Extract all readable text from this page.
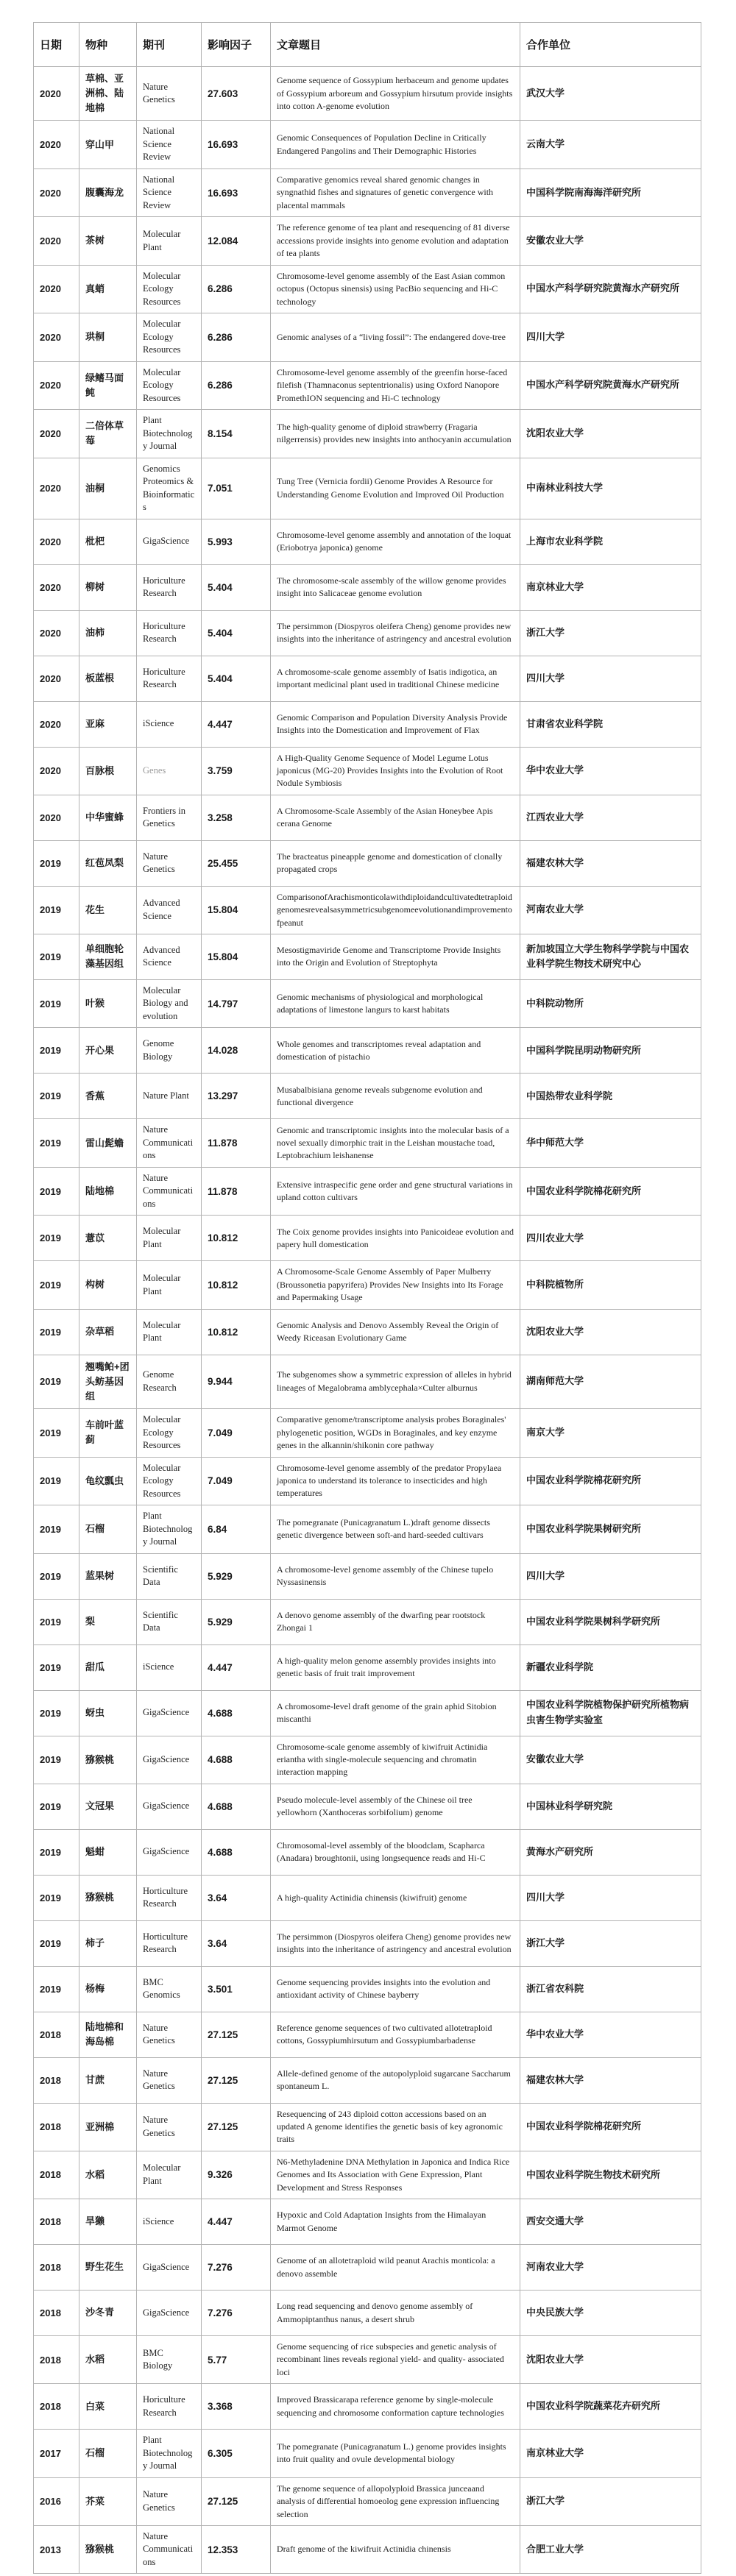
日期	物种	期刊	影响因子	文章题目	合作单位
2020	草棉、亚洲棉、陆地棉	Nature Genetics	27.603	Genome sequence of Gossypium herbaceum and genome updates of Gossypium arboreum and Gossypium hirsutum provide insights into cotton A-genome evolution	武汉大学
2020	穿山甲	National Science Review	16.693	Genomic Consequences of Population Decline in Critically Endangered Pangolins and Their Demographic Histories	云南大学
2020	腹囊海龙	National Science Review	16.693	Comparative genomics reveal shared genomic changes in syngnathid fishes and signatures of genetic convergence with placental mammals	中国科学院南海海洋研究所
2020	茶树	Molecular Plant	12.084	The reference genome of tea plant and resequencing of 81 diverse accessions provide insights into genome evolution and adaptation of tea plants	安徽农业大学
2020	真蛸	Molecular Ecology Resources	6.286	Chromosome-level genome assembly of the East Asian common octopus (Octopus sinensis) using PacBio sequencing and Hi-C technology	中国水产科学研究院黄海水产研究所
2020	珙桐	Molecular Ecology Resources	6.286	Genomic analyses of a “living fossil”: The endangered dove-tree	四川大学
2020	绿鳍马面鲀	Molecular Ecology Resources	6.286	Chromosome-level genome assembly of the greenfin horse-faced filefish (Thamnaconus septentrionalis) using Oxford Nanopore PromethION sequencing and Hi-C technology	中国水产科学研究院黄海水产研究所
2020	二倍体草莓	Plant Biotechnology Journal	8.154	The high-quality genome of diploid strawberry (Fragaria nilgerrensis) provides new insights into anthocyanin accumulation	沈阳农业大学
2020	油桐	Genomics Proteomics & Bioinformatics	7.051	Tung Tree (Vernicia fordii) Genome Provides A Resource for Understanding Genome Evolution and Improved Oil Production	中南林业科技大学
2020	枇杷	GigaScience	5.993	Chromosome-level genome assembly and annotation of the loquat (Eriobotrya japonica) genome	上海市农业科学院
2020	柳树	Horiculture Research	5.404	The chromosome-scale assembly of the willow genome provides insight into Salicaceae genome evolution	南京林业大学
2020	油柿	Horiculture Research	5.404	The persimmon (Diospyros oleifera Cheng) genome provides new insights into the inheritance of astringency and ancestral evolution	浙江大学
2020	板蓝根	Horiculture Research	5.404	A chromosome-scale genome assembly of Isatis indigotica, an important medicinal plant used in traditional Chinese medicine	四川大学
2020	亚麻	iScience	4.447	Genomic Comparison and Population Diversity Analysis Provide Insights into the Domestication and Improvement of Flax	甘肃省农业科学院
2020	百脉根	Genes	3.759	A High-Quality Genome Sequence of Model Legume Lotus japonicus (MG-20) Provides Insights into the Evolution of Root Nodule Symbiosis	华中农业大学
2020	中华蜜蜂	Frontiers in Genetics	3.258	A Chromosome-Scale Assembly of the Asian Honeybee Apis cerana Genome	江西农业大学
2019	红苞凤梨	Nature Genetics	25.455	The bracteatus pineapple genome and domestication of clonally propagated crops	福建农林大学
2019	花生	Advanced Science	15.804	ComparisonofArachismonticolawithdiploidandcultivatedtetraploidgenomesrevealsasymmetricsubgenomeevolutionandimprovementofpeanut	河南农业大学
2019	单细胞轮藻基因组	Advanced Science	15.804	Mesostigmaviride Genome and Transcriptome Provide Insights into the Origin and Evolution of Streptophyta	新加坡国立大学生物科学学院与中国农业科学院生物技术研究中心
2019	叶猴	Molecular Biology and evolution	14.797	Genomic mechanisms of physiological and morphological adaptations of limestone langurs to karst habitats	中科院动物所
2019	开心果	Genome Biology	14.028	Whole genomes and transcriptomes reveal adaptation and domestication of pistachio	中国科学院昆明动物研究所
2019	香蕉	Nature Plant	13.297	Musabalbisiana genome reveals subgenome evolution and functional divergence	中国热带农业科学院
2019	雷山髭蟾	Nature Communications	11.878	Genomic and transcriptomic insights into the molecular basis of a novel sexually dimorphic trait in the Leishan moustache toad, Leptobrachium leishanense	华中师范大学
2019	陆地棉	Nature Communications	11.878	Extensive intraspecific gene order and gene structural variations in upland cotton cultivars	中国农业科学院棉花研究所
2019	薏苡	Molecular Plant	10.812	The Coix genome provides insights into Panicoideae evolution and papery hull domestication	四川农业大学
2019	构树	Molecular Plant	10.812	A Chromosome-Scale Genome Assembly of Paper Mulberry (Broussonetia papyrifera) Provides New Insights into Its Forage and Papermaking Usage	中科院植物所
2019	杂草稻	Molecular Plant	10.812	Genomic Analysis and Denovo Assembly Reveal the Origin of Weedy Riceasan Evolutionary Game	沈阳农业大学
2019	翘嘴鲌+团头鲂基因组	Genome Research	9.944	The subgenomes show a symmetric expression of alleles in hybrid lineages of Megalobrama amblycephala×Culter alburnus	湖南师范大学
2019	车前叶蓝蓟	Molecular Ecology Resources	7.049	Comparative genome/transcriptome analysis probes Boraginales' phylogenetic position, WGDs in Boraginales, and key enzyme genes in the alkannin/shikonin core pathway	南京大学
2019	龟纹瓢虫	Molecular Ecology Resources	7.049	Chromosome-level genome assembly of the predator Propylaea japonica to understand its tolerance to insecticides and high temperatures	中国农业科学院棉花研究所
2019	石榴	Plant Biotechnology Journal	6.84	The pomegranate (Punicagranatum L.)draft genome dissects genetic divergence between soft-and hard-seeded cultivars	中国农业科学院果树研究所
2019	蓝果树	Scientific Data	5.929	A chromosome-level genome assembly of the Chinese tupelo Nyssasinensis	四川大学
2019	梨	Scientific Data	5.929	A denovo genome assembly of the dwarfing pear rootstock Zhongai 1	中国农业科学院果树科学研究所
2019	甜瓜	iScience	4.447	A high-quality melon genome assembly provides insights into genetic basis of fruit trait improvement	新疆农业科学院
2019	蚜虫	GigaScience	4.688	A chromosome-level draft genome of the grain aphid Sitobion miscanthi	中国农业科学院植物保护研究所植物病虫害生物学实验室
2019	猕猴桃	GigaScience	4.688	Chromosome-scale genome assembly of kiwifruit Actinidia eriantha with single-molecule sequencing and chromatin interaction mapping	安徽农业大学
2019	文冠果	GigaScience	4.688	Pseudo molecule-level assembly of the Chinese oil tree yellowhorn (Xanthoceras sorbifolium) genome	中国林业科学研究院
2019	魁蚶	GigaScience	4.688	Chromosomal-level assembly of the bloodclam, Scapharca (Anadara) broughtonii, using longsequence reads and Hi-C	黄海水产研究所
2019	猕猴桃	Horticulture Research	3.64	A high-quality Actinidia chinensis (kiwifruit) genome	四川大学
2019	柿子	Horticulture Research	3.64	The persimmon (Diospyros oleifera Cheng) genome provides new insights into the inheritance of astringency and ancestral evolution	浙江大学
2019	杨梅	BMC Genomics	3.501	Genome sequencing provides insights into the evolution and antioxidant activity of Chinese bayberry	浙江省农科院
2018	陆地棉和海岛棉	Nature Genetics	27.125	Reference genome sequences of two cultivated allotetraploid cottons, Gossypiumhirsutum and Gossypiumbarbadense	华中农业大学
2018	甘蔗	Nature Genetics	27.125	Allele-defined genome of the autopolyploid sugarcane Saccharum spontaneum L.	福建农林大学
2018	亚洲棉	Nature Genetics	27.125	Resequencing of 243 diploid cotton accessions based on an updated A genome identifies the genetic basis of key agronomic traits	中国农业科学院棉花研究所
2018	水稻	Molecular Plant	9.326	N6-Methyladenine DNA Methylation in Japonica and Indica Rice Genomes and Its Association with Gene Expression, Plant Development and Stress Responses	中国农业科学院生物技术研究所
2018	旱獭	iScience	4.447	Hypoxic and Cold Adaptation Insights from the Himalayan Marmot Genome	西安交通大学
2018	野生花生	GigaScience	7.276	Genome of an allotetraploid wild peanut Arachis monticola: a denovo assemble	河南农业大学
2018	沙冬青	GigaScience	7.276	Long read sequencing and denovo genome assembly of Ammopiptanthus nanus, a desert shrub	中央民族大学
2018	水稻	BMC Biology	5.77	Genome sequencing of rice subspecies and genetic analysis of recombinant lines reveals regional yield- and quality- associated loci	沈阳农业大学
2018	白菜	Horiculture Research	3.368	Improved Brassicarapa reference genome by single-molecule sequencing and chromosome conformation capture technologies	中国农业科学院蔬菜花卉研究所
2017	石榴	Plant Biotechnology Journal	6.305	The pomegranate (Punicagranatum L.) genome provides insights into fruit quality and ovule developmental biology	南京林业大学
2016	芥菜	Nature Genetics	27.125	The genome sequence of allopolyploid Brassica junceaand analysis of differential homoeolog gene expression influencing selection	浙江大学
2013	猕猴桃	Nature Communications	12.353	Draft genome of the kiwifruit Actinidia chinensis	合肥工业大学
